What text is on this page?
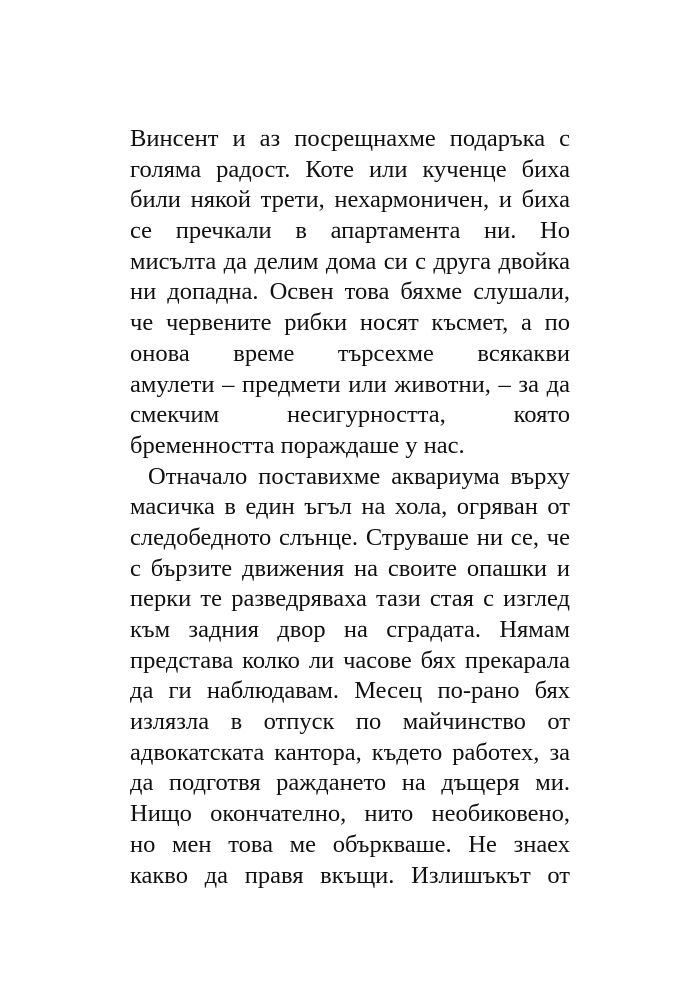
Винсент и аз посрещнахме подаръка с
голяма радост. Коте или кученце биха
били някой трети, нехармоничен, и биха
се пречкали в апартамента ни. Но
мисълта да делим дома си с друга двойка
ни допадна. Освен това бяхме слушали,
че червените рибки носят късмет, а по
онова време търсехме всякакви
амулети – предмети или животни, – за да
смекчим несигурността, която
бременността пораждаше у нас.
Отначало поставихме аквариума върху
масичка в един ъгъл на хола, огряван от
следобедното слънце. Струваше ни се, че
с бързите движения на своите опашки и
перки те разведряваха тази стая с изглед
към задния двор на сградата. Нямам
представа колко ли часове бях прекарала
да ги наблюдавам. Месец по-рано бях
излязла в отпуск по майчинство от
адвокатската кантора, където работех, за
да подготвя раждането на дъщеря ми.
Нищо окончателно, нито необиковено,
но мен това ме объркваше. Не знаех
какво да правя вкъщи. Излишъкът от
